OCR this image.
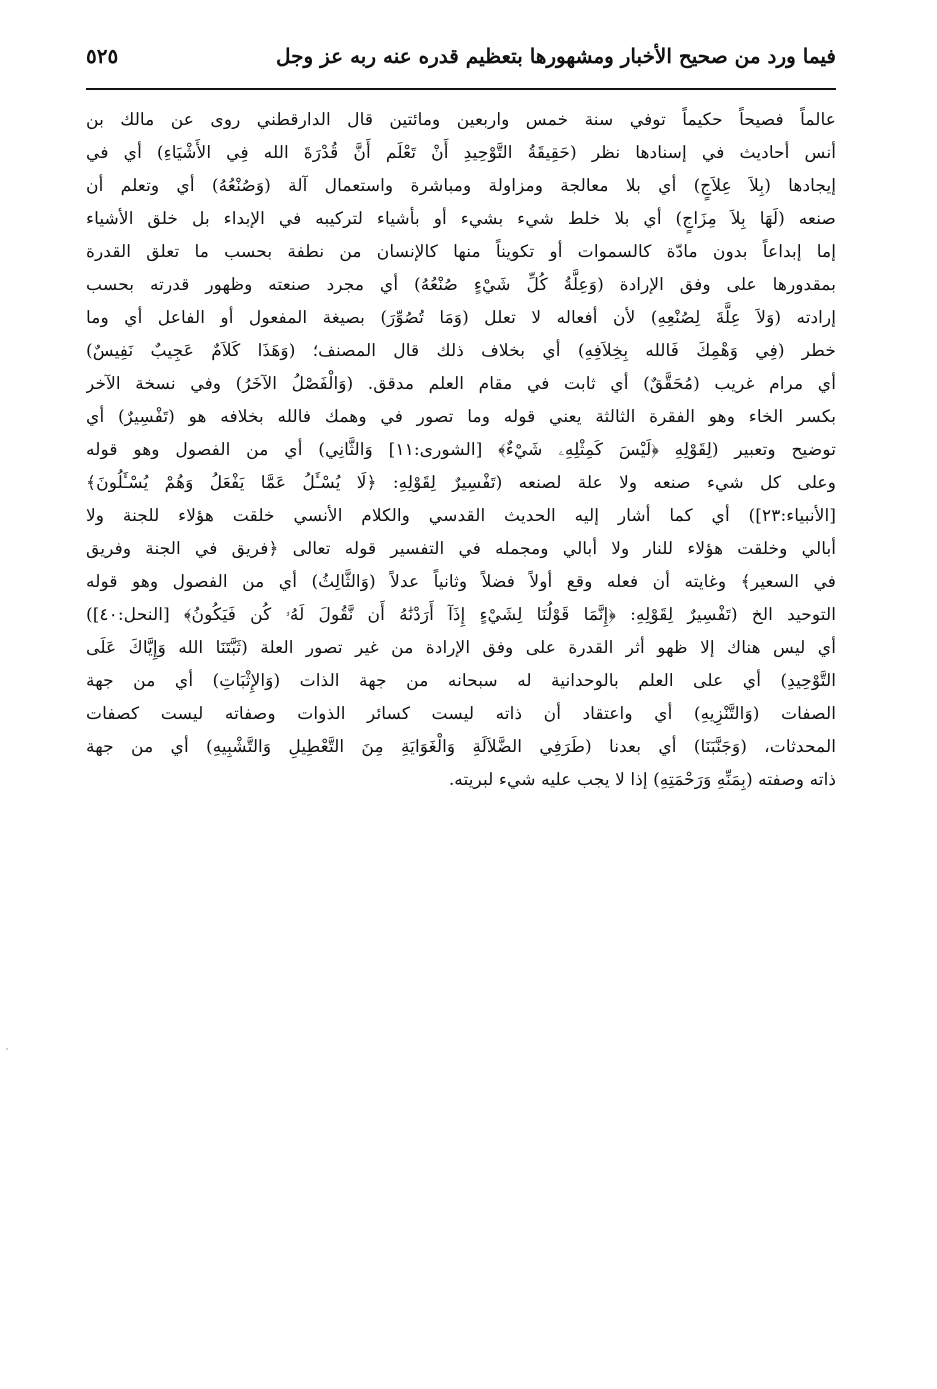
فيما ورد من صحيح الأخبار ومشهورها بتعظيم قدره عنه ربه عز وجل
٥٢٥
عالماً فصيحاً حكيماً توفي سنة خمس واربعين ومائتين قال الدارقطني روى عن مالك بن
أنس أحاديث في إسنادها نظر (حَقِيقَةُ التَّوْحِيدِ أَنْ تَعْلَم أَنَّ قُدْرَةَ الله فِي الأَشْيَاءِ) أي في
إيجادها (بِلاَ عِلاَجٍ) أي بلا معالجة ومزاولة ومباشرة واستعمال آلة (وَصُنْعُهُ) أي وتعلم أن
صنعه (لَهَا بِلاَ مِزَاجٍ) أي بلا خلط شيء بشيء أو بأشياء لتركيبه في الإبداء بل خلق الأشياء
إما إبداعاً بدون مادّة كالسموات أو تكويناً منها كالإنسان من نطفة بحسب ما تعلق القدرة
بمقدورها على وفق الإرادة (وَعِلَّةُ كُلِّ شَيْءٍ صُنْعُهُ) أي مجرد صنعته وظهور قدرته بحسب
إرادته (وَلاَ عِلَّةَ لِصُنْعِهِ) لأن أفعاله لا تعلل (وَمَا تُصُوِّرَ) بصيغة المفعول أو الفاعل أي وما
خطر (فِي وَهْمِكَ فَالله بِخِلاَفِهِ) أي بخلاف ذلك قال المصنف؛ (وَهَذَا كَلاَمٌ عَجِيبٌ نَفِيسٌ)
أي مرام غريب (مُحَقَّقٌ) أي ثابت في مقام العلم مدقق. (وَالْفَصْلُ الآخَرُ) وفي نسخة الآخر
بكسر الخاء وهو الفقرة الثالثة يعني قوله وما تصور في وهمك فالله بخلافه هو (تَفْسِيرٌ) أي
توضيح وتعبير (لِقَوْلِهِ ﴿لَيْسَ كَمِثْلِهِۦ شَيْءٌ﴾ [الشورى:١١] وَالثَّانِي) أي من الفصول وهو قوله
وعلى كل شيء صنعه ولا علة لصنعه (تَفْسِيرٌ لِقَوْلِهِ: ﴿لَا يُسْـَٔلُ عَمَّا يَفْعَلُ وَهُمْ يُسْـَٔلُونَ﴾
[الأنبياء:٢٣]) أي كما أشار إليه الحديث القدسي والكلام الأنسي خلقت هؤلاء للجنة ولا
أبالي وخلقت هؤلاء للنار ولا أبالي ومجمله في التفسير قوله تعالى ﴿فريق في الجنة وفريق
في السعير﴾ وغايته أن فعله وقع أولاً فضلاً وثانياً عدلاً (وَالثَّالِثُ) أي من الفصول وهو قوله
التوحيد الخ (تَفْسِيرٌ لِقَوْلِهِ: ﴿إِنَّمَا قَوْلُنَا لِشَيْءٍ إِذَآ أَرَدْنَٰهُ أَن نَّقُولَ لَهُۥ كُن فَيَكُونُ﴾ [النحل:٤٠])
أي ليس هناك إلا ظهو أثر القدرة على وفق الإرادة من غير تصور العلة (ثَبَّتَنَا الله وَإِيَّاكَ عَلَى
التَّوْحِيدِ) أي على العلم بالوحدانية له سبحانه من جهة الذات (وَالإِثْبَاتِ) أي من جهة
الصفات (وَالتَّنْزِيهِ) أي واعتقاد أن ذاته ليست كسائر الذوات وصفاته ليست كصفات
المحدثات، (وَجَنَّبَنَا) أي بعدنا (طَرَفِي الضَّلاَلَةِ وَالْغَوَايَةِ مِنَ التَّعْطِيلِ وَالتَّشْبِيهِ) أي من جهة
ذاته وصفته (بِمَنِّهِ وَرَحْمَتِهِ) إذا لا يجب عليه شيء لبريته.
